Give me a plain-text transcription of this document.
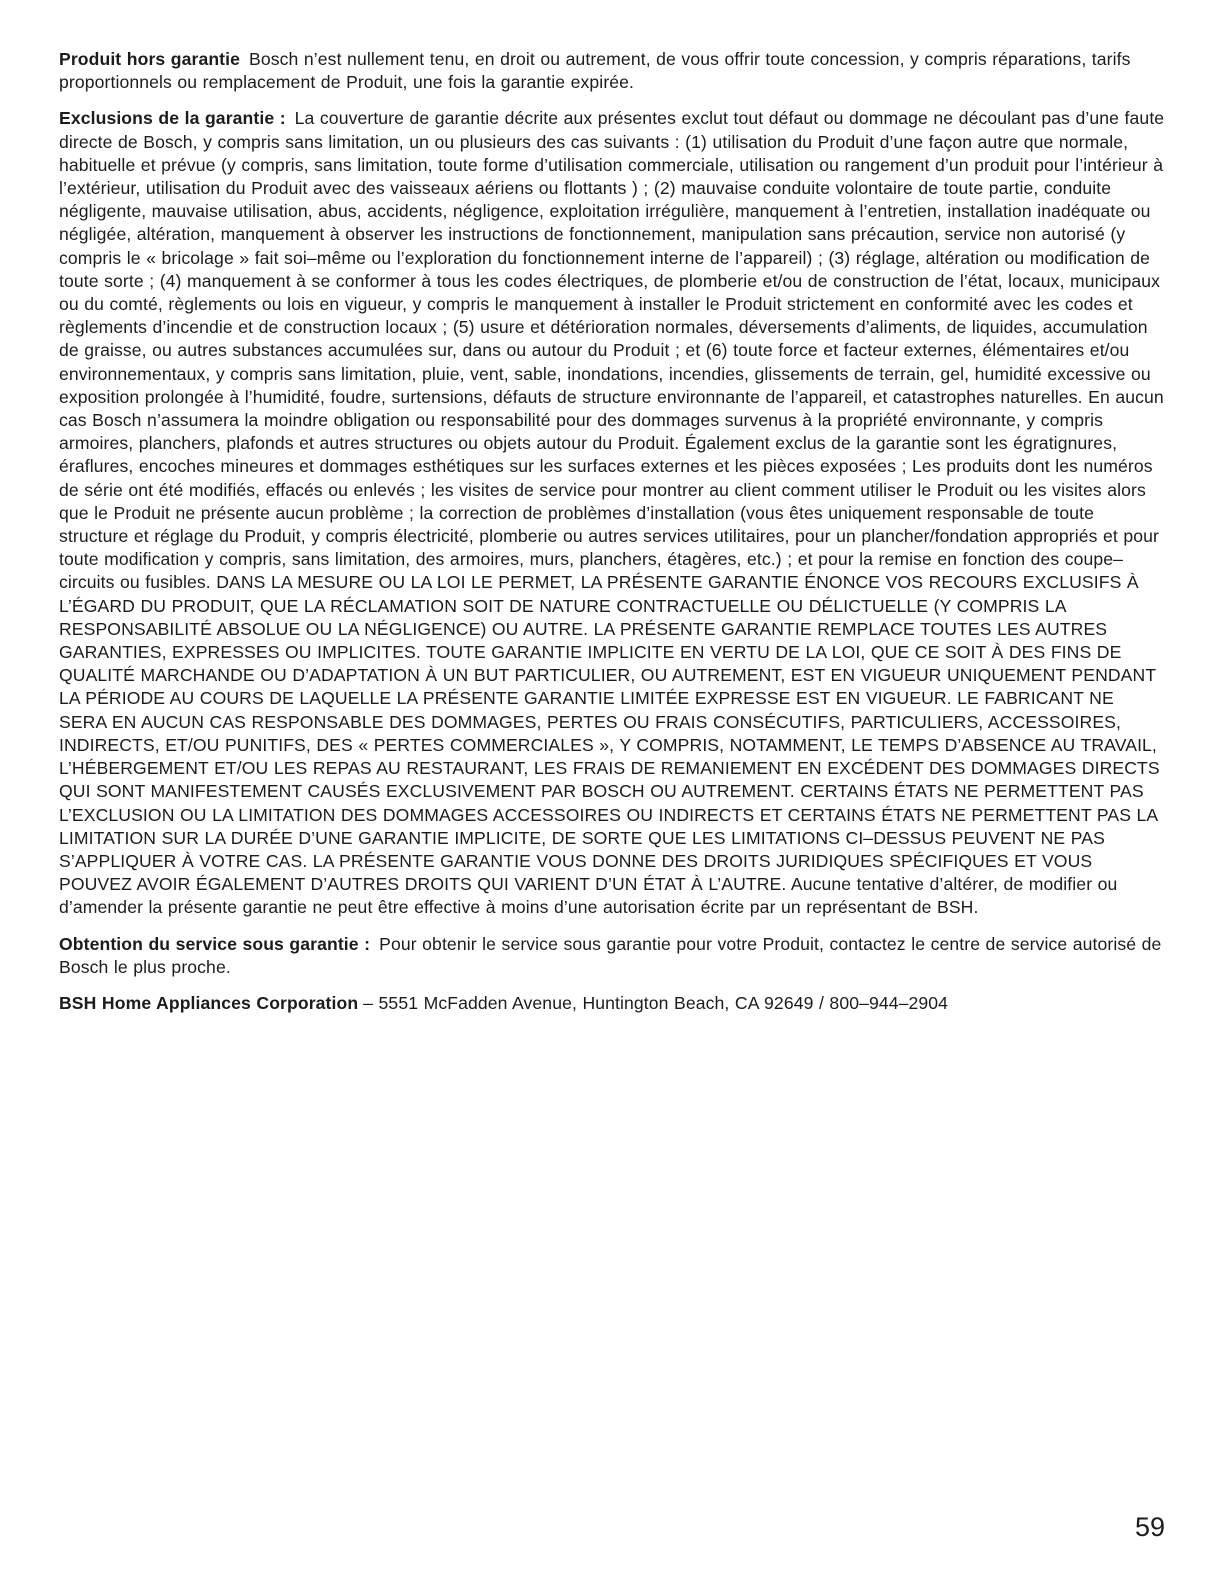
Produit hors garantie Bosch n’est nullement tenu, en droit ou autrement, de vous offrir toute concession, y compris réparations, tarifs proportionnels ou remplacement de Produit, une fois la garantie expirée.

Exclusions de la garantie : La couverture de garantie décrite aux présentes exclut tout défaut ou dommage ne découlant pas d’une faute directe de Bosch, y compris sans limitation, un ou plusieurs des cas suivants : (1) utilisation du Produit d’une façon autre que normale, habituelle et prévue (y compris, sans limitation, toute forme d’utilisation commerciale, utilisation ou rangement d’un produit pour l’intérieur à l’extérieur, utilisation du Produit avec des vaisseaux aériens ou flottants ) ; (2) mauvaise conduite volontaire de toute partie, conduite négligente, mauvaise utilisation, abus, accidents, négligence, exploitation irrégulière, manquement à l’entretien, installation inadéquate ou négligée, altération, manquement à observer les instructions de fonctionnement, manipulation sans précaution, service non autorisé (y compris le « bricolage » fait soi–même ou l’exploration du fonctionnement interne de l’appareil) ; (3) réglage, altération ou modification de toute sorte ; (4) manquement à se conformer à tous les codes électriques, de plomberie et/ou de construction de l’état, locaux, municipaux ou du comté, règlements ou lois en vigueur, y compris le manquement à installer le Produit strictement en conformité avec les codes et règlements d’incendie et de construction locaux ; (5) usure et détérioration normales, déversements d’aliments, de liquides, accumulation de graisse, ou autres substances accumulées sur, dans ou autour du Produit ; et (6) toute force et facteur externes, élémentaires et/ou environnementaux, y compris sans limitation, pluie, vent, sable, inondations, incendies, glissements de terrain, gel, humidité excessive ou exposition prolongée à l’humidité, foudre, surtensions, défauts de structure environnante de l’appareil, et catastrophes naturelles. En aucun cas Bosch n’assumera la moindre obligation ou responsabilité pour des dommages survenus à la propriété environnante, y compris armoires, planchers, plafonds et autres structures ou objets autour du Produit. Également exclus de la garantie sont les égratignures, éraflures, encoches mineures et dommages esthétiques sur les surfaces externes et les pièces exposées ; Les produits dont les numéros de série ont été modifiés, effacés ou enlevés ; les visites de service pour montrer au client comment utiliser le Produit ou les visites alors que le Produit ne présente aucun problème ; la correction de problèmes d’installation (vous êtes uniquement responsable de toute structure et réglage du Produit, y compris électricité, plomberie ou autres services utilitaires, pour un plancher/fondation appropriés et pour toute modification y compris, sans limitation, des armoires, murs, planchers, étagères, etc.) ; et pour la remise en fonction des coupe–circuits ou fusibles. DANS LA MESURE OU LA LOI LE PERMET, LA PRÉSENTE GARANTIE ÉNONCE VOS RECOURS EXCLUSIFS À L’ÉGARD DU PRODUIT, QUE LA RÉCLAMATION SOIT DE NATURE CONTRACTUELLE OU DÉLICTUELLE (Y COMPRIS LA RESPONSABILITÉ ABSOLUE OU LA NÉGLIGENCE) OU AUTRE. LA PRÉSENTE GARANTIE REMPLACE TOUTES LES AUTRES GARANTIES, EXPRESSES OU IMPLICITES. TOUTE GARANTIE IMPLICITE EN VERTU DE LA LOI, QUE CE SOIT À DES FINS DE QUALITÉ MARCHANDE OU D’ADAPTATION À UN BUT PARTICULIER, OU AUTREMENT, EST EN VIGUEUR UNIQUEMENT PENDANT LA PÉRIODE AU COURS DE LAQUELLE LA PRÉSENTE GARANTIE LIMITÉE EXPRESSE EST EN VIGUEUR. LE FABRICANT NE SERA EN AUCUN CAS RESPONSABLE DES DOMMAGES, PERTES OU FRAIS CONSÉCUTIFS, PARTICULIERS, ACCESSOIRES, INDIRECTS, ET/OU PUNITIFS, DES « PERTES COMMERCIALES », Y COMPRIS, NOTAMMENT, LE TEMPS D’ABSENCE AU TRAVAIL, L’HÉBERGEMENT ET/OU LES REPAS AU RESTAURANT, LES FRAIS DE REMANIEMENT EN EXCÉDENT DES DOMMAGES DIRECTS QUI SONT MANIFESTEMENT CAUSÉS EXCLUSIVEMENT PAR BOSCH OU AUTREMENT. CERTAINS ÉTATS NE PERMETTENT PAS L’EXCLUSION OU LA LIMITATION DES DOMMAGES ACCESSOIRES OU INDIRECTS ET CERTAINS ÉTATS NE PERMETTENT PAS LA LIMITATION SUR LA DURÉE D’UNE GARANTIE IMPLICITE, DE SORTE QUE LES LIMITATIONS CI–DESSUS PEUVENT NE PAS S’APPLIQUER À VOTRE CAS. LA PRÉSENTE GARANTIE VOUS DONNE DES DROITS JURIDIQUES SPÉCIFIQUES ET VOUS POUVEZ AVOIR ÉGALEMENT D’AUTRES DROITS QUI VARIENT D’UN ÉTAT À L’AUTRE. Aucune tentative d’altérer, de modifier ou d’amender la présente garantie ne peut être effective à moins d’une autorisation écrite par un représentant de BSH.

Obtention du service sous garantie : Pour obtenir le service sous garantie pour votre Produit, contactez le centre de service autorisé de Bosch le plus proche.

BSH Home Appliances Corporation – 5551 McFadden Avenue, Huntington Beach, CA 92649 / 800–944–2904

59
